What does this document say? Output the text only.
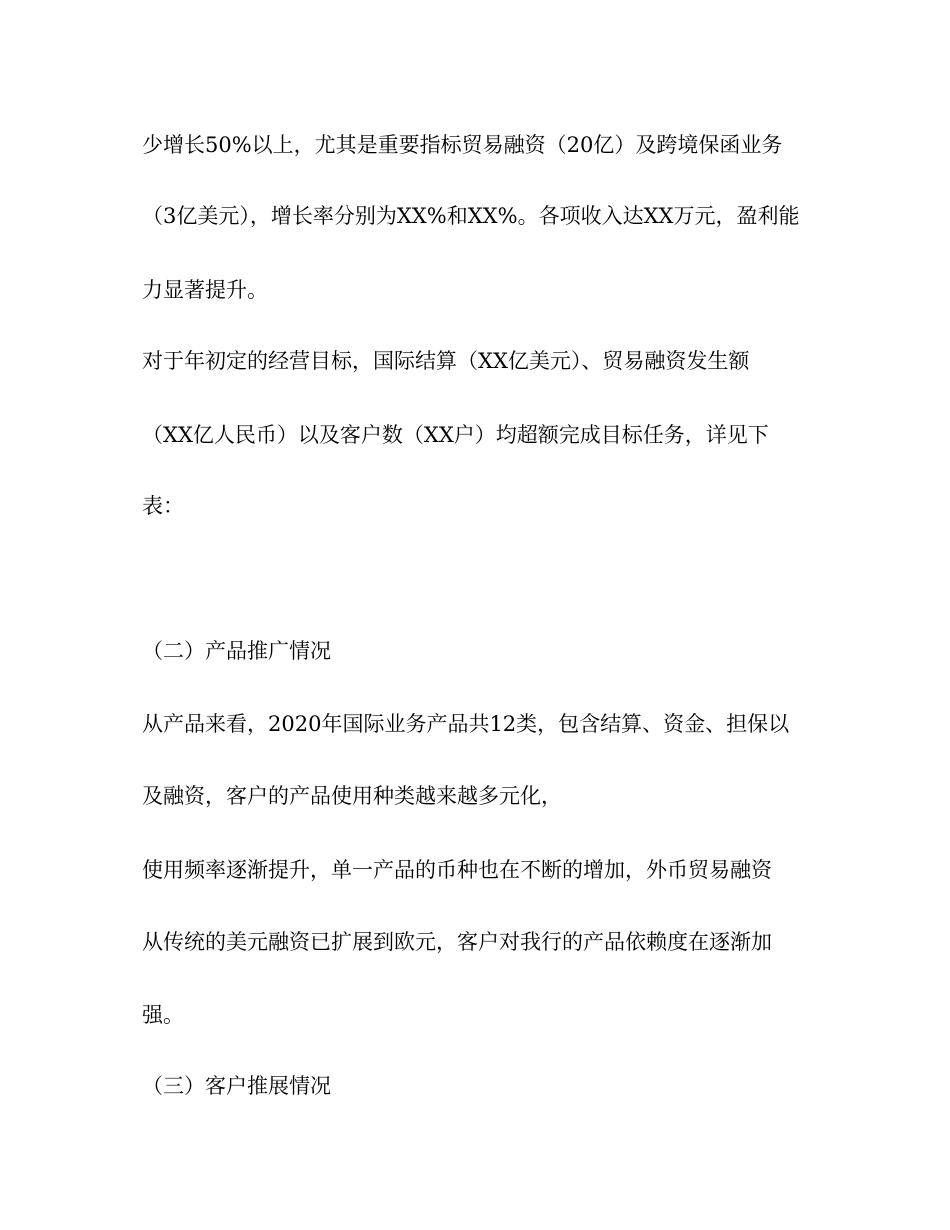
少增长50%以上，尤其是重要指标贸易融资（20亿）及跨境保函业务
（3亿美元），增长率分别为XX%和XX%。各项收入达XX万元，盈利能
力显著提升。
对于年初定的经营目标，国际结算（XX亿美元）、贸易融资发生额
（XX亿人民币）以及客户数（XX户）均超额完成目标任务，详见下
表：
（二）产品推广情况
从产品来看，2020年国际业务产品共12类，包含结算、资金、担保以
及融资，客户的产品使用种类越来越多元化，
使用频率逐渐提升，单一产品的币种也在不断的增加，外币贸易融资
从传统的美元融资已扩展到欧元，客户对我行的产品依赖度在逐渐加
强。
（三）客户推展情况
